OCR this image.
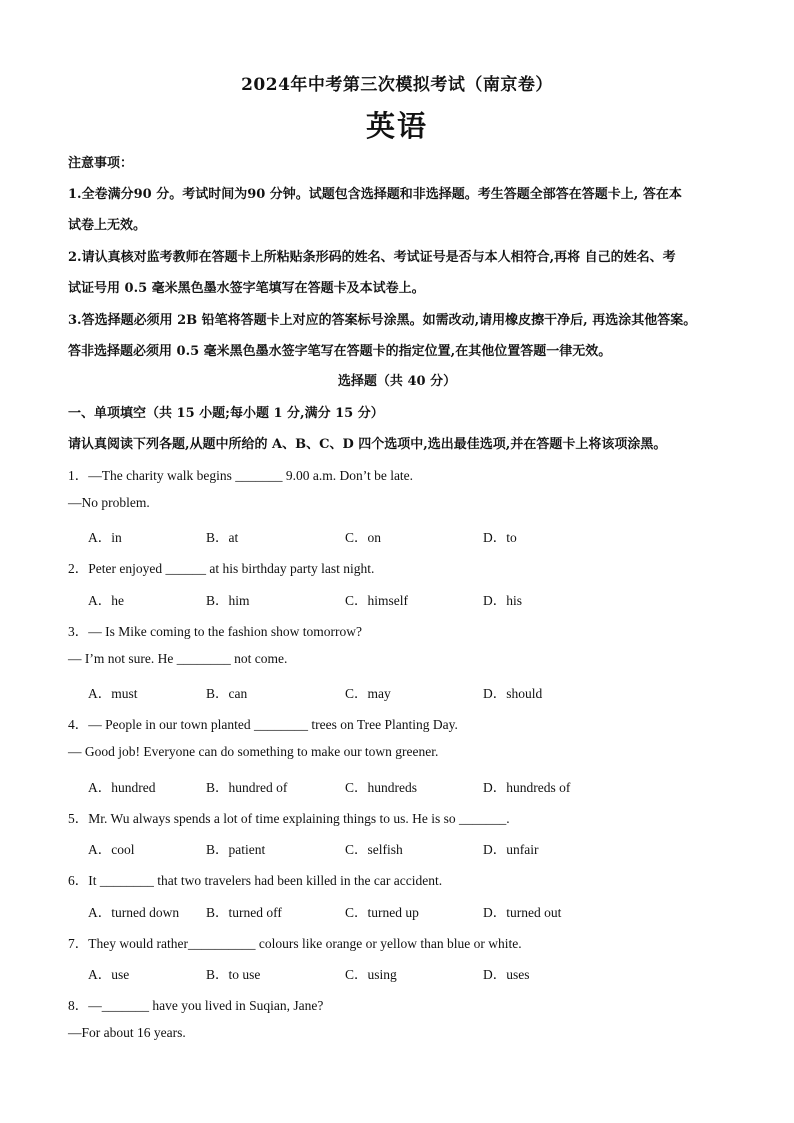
2024年中考第三次模拟考试（南京卷）
英语
注意事项：
1.全卷满分90 分。考试时间为90 分钟。试题包含选择题和非选择题。考生答题全部答在答题卡上, 答在本
试卷上无效。
2.请认真核对监考教师在答题卡上所粘贴条形码的姓名、考试证号是否与本人相符合,再将 自己的姓名、考
试证号用 0.5 毫米黑色墨水签字笔填写在答题卡及本试卷上。
3.答选择题必须用 2B 铅笔将答题卡上对应的答案标号涂黑。如需改动,请用橡皮擦干净后, 再选涂其他答案。
答非选择题必须用 0.5 毫米黑色墨水签字笔写在答题卡的指定位置,在其他位置答题一律无效。
选择题（共 40 分）
一、单项填空（共 15 小题;每小题 1 分,满分 15 分）
请认真阅读下列各题,从题中所给的 A、B、C、D 四个选项中,选出最佳选项,并在答题卡上将该项涂黑。
1．—The charity walk begins _______ 9.00 a.m. Don’t be late.
—No problem.
A．in	B．at	C．on	D．to
2．Peter enjoyed ______ at his birthday party last night.
A．he	B．him	C．himself	D．his
3．— Is Mike coming to the fashion show tomorrow?
— I’m not sure. He ________ not come.
A．must	B．can	C．may	D．should
4．— People in our town planted ________ trees on Tree Planting Day.
— Good job! Everyone can do something to make our town greener.
A．hundred	B．hundred of	C．hundreds	D．hundreds of
5．Mr. Wu always spends a lot of time explaining things to us. He is so _______.
A．cool	B．patient	C．selfish	D．unfair
6．It ________ that two travelers had been killed in the car accident.
A．turned down B．turned off	C．turned up	D．turned out
7．They would rather__________ colours like orange or yellow than blue or white.
A．use	B．to use	C．using	D．uses
8．—_______ have you lived in Suqian, Jane?
—For about 16 years.
